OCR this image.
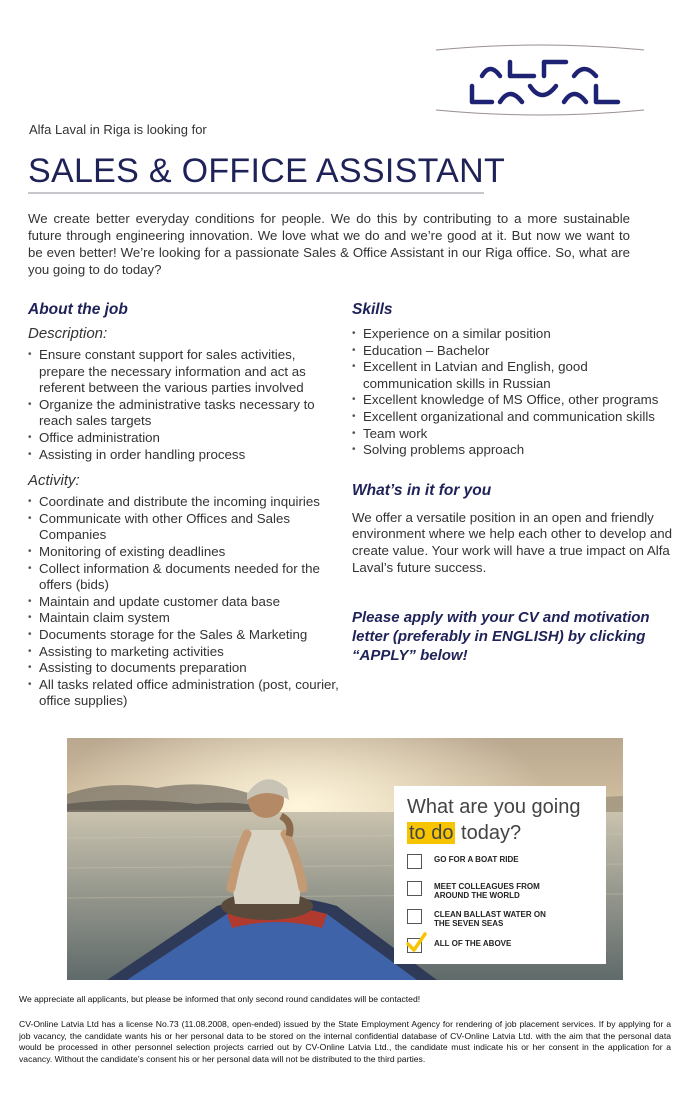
Alfa Laval in Riga is looking for
SALES & OFFICE ASSISTANT
We create better everyday conditions for people. We do this by contributing to a more sustainable future through engineering innovation. We love what we do and we’re good at it. But now we want to be even better! We’re looking for a passionate Sales & Office Assistant in our Riga office. So, what are you going to do today?
About the job
Description:
• Ensure constant support for sales activities, prepare the necessary information and act as referent between the various parties involved
• Organize the administrative tasks necessary to reach sales targets
• Office administration
• Assisting in order handling process
Activity:
• Coordinate and distribute the incoming inquiries
• Communicate with other Offices and Sales Companies
• Monitoring of existing deadlines
• Collect information & documents needed for the offers (bids)
• Maintain and update customer data base
• Maintain claim system
• Documents storage for the Sales & Marketing
• Assisting to marketing activities
• Assisting to documents preparation
• All tasks related office administration (post, courier, office supplies)
Skills
• Experience on a similar position
• Education – Bachelor
• Excellent in Latvian and English, good communication skills in Russian
• Excellent knowledge of MS Office, other programs
• Excellent organizational and communication skills
• Team work
• Solving problems approach
What’s in it for you

We offer a versatile position in an open and friendly environment where we help each other to develop and create value. Your work will have a true impact on Alfa Laval’s future success.

Please apply with your CV and motivation letter (preferably in ENGLISH) by clicking “APPLY” below!

What are you going
to do today?
GO FOR A BOAT RIDE
MEET COLLEAGUES FROM
AROUND THE WORLD
CLEAN BALLAST WATER ON
THE SEVEN SEAS
ALL OF THE ABOVE
We appreciate all applicants, but please be informed that only second round candidates will be contacted!
CV-Online Latvia Ltd has a license No.73 (11.08.2008, open-ended) issued by the State Employment Agency for rendering of job placement services. If by applying for a job vacancy, the candidate wants his or her personal data to be stored on the internal confidential database of CV-Online Latvia Ltd. with the aim that the personal data would be processed in other personnel selection projects carried out by CV-Online Latvia Ltd., the candidate must indicate his or her consent in the application for a vacancy. Without the candidate’s consent his or her personal data will not be distributed to the third parties.
